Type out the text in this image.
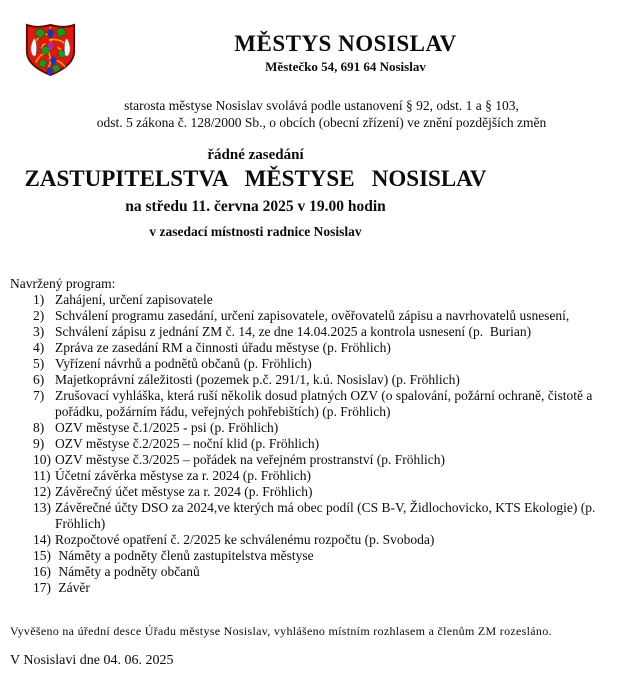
MĚSTYS NOSISLAV
Městečko 54, 691 64 Nosislav
starosta městyse Nosislav svolává podle ustanovení § 92, odst. 1 a § 103,
odst. 5 zákona č. 128/2000 Sb., o obcích (obecní zřízení) ve znění pozdějších změn
řádné zasedání
ZASTUPITELSTVA MĚSTYSE NOSISLAV
na středu 11. června 2025 v 19.00 hodin
v zasedací místnosti radnice Nosislav
Navržený program:
1) Zahájení, určení zapisovatele
2) Schválení programu zasedání, určení zapisovatele, ověřovatelů zápisu a navrhovatelů usnesení,
3) Schválení zápisu z jednání ZM č. 14, ze dne 14.04.2025 a kontrola usnesení (p.  Burian)
4) Zpráva ze zasedání RM a činnosti úřadu městyse (p. Fröhlich)
5) Vyřízení návrhů a podnětů občanů (p. Fröhlich)
6) Majetkoprávní záležitosti (pozemek p.č. 291/1, k.ú. Nosislav) (p. Fröhlich)
7) Zrušovací vyhláška, která ruší několik dosud platných OZV (o spalování, požární ochraně, čistotě a pořádku, požárním řádu, veřejných pohřebištích) (p. Fröhlich)
8) OZV městyse č.1/2025 - psi (p. Fröhlich)
9) OZV městyse č.2/2025 – noční klid (p. Fröhlich)
10) OZV městyse č.3/2025 – pořádek na veřejném prostranství (p. Fröhlich)
11) Účetní závěrka městyse za r. 2024 (p. Fröhlich)
12) Závěrečný účet městyse za r. 2024 (p. Fröhlich)
13) Závěrečné účty DSO za 2024,ve kterých má obec podíl (CS B-V, Židlochovicko, KTS Ekologie) (p. Fröhlich)
14) Rozpočtové opatření č. 2/2025 ke schválenému rozpočtu (p. Svoboda)
15) Náměty a podněty členů zastupitelstva městyse
16) Náměty a podněty občanů
17) Závěr
Vyvěšeno na úřední desce Úřadu městyse Nosislav, vyhlášeno místním rozhlasem a členům ZM rozesláno.
V Nosislavi dne 04. 06. 2025
